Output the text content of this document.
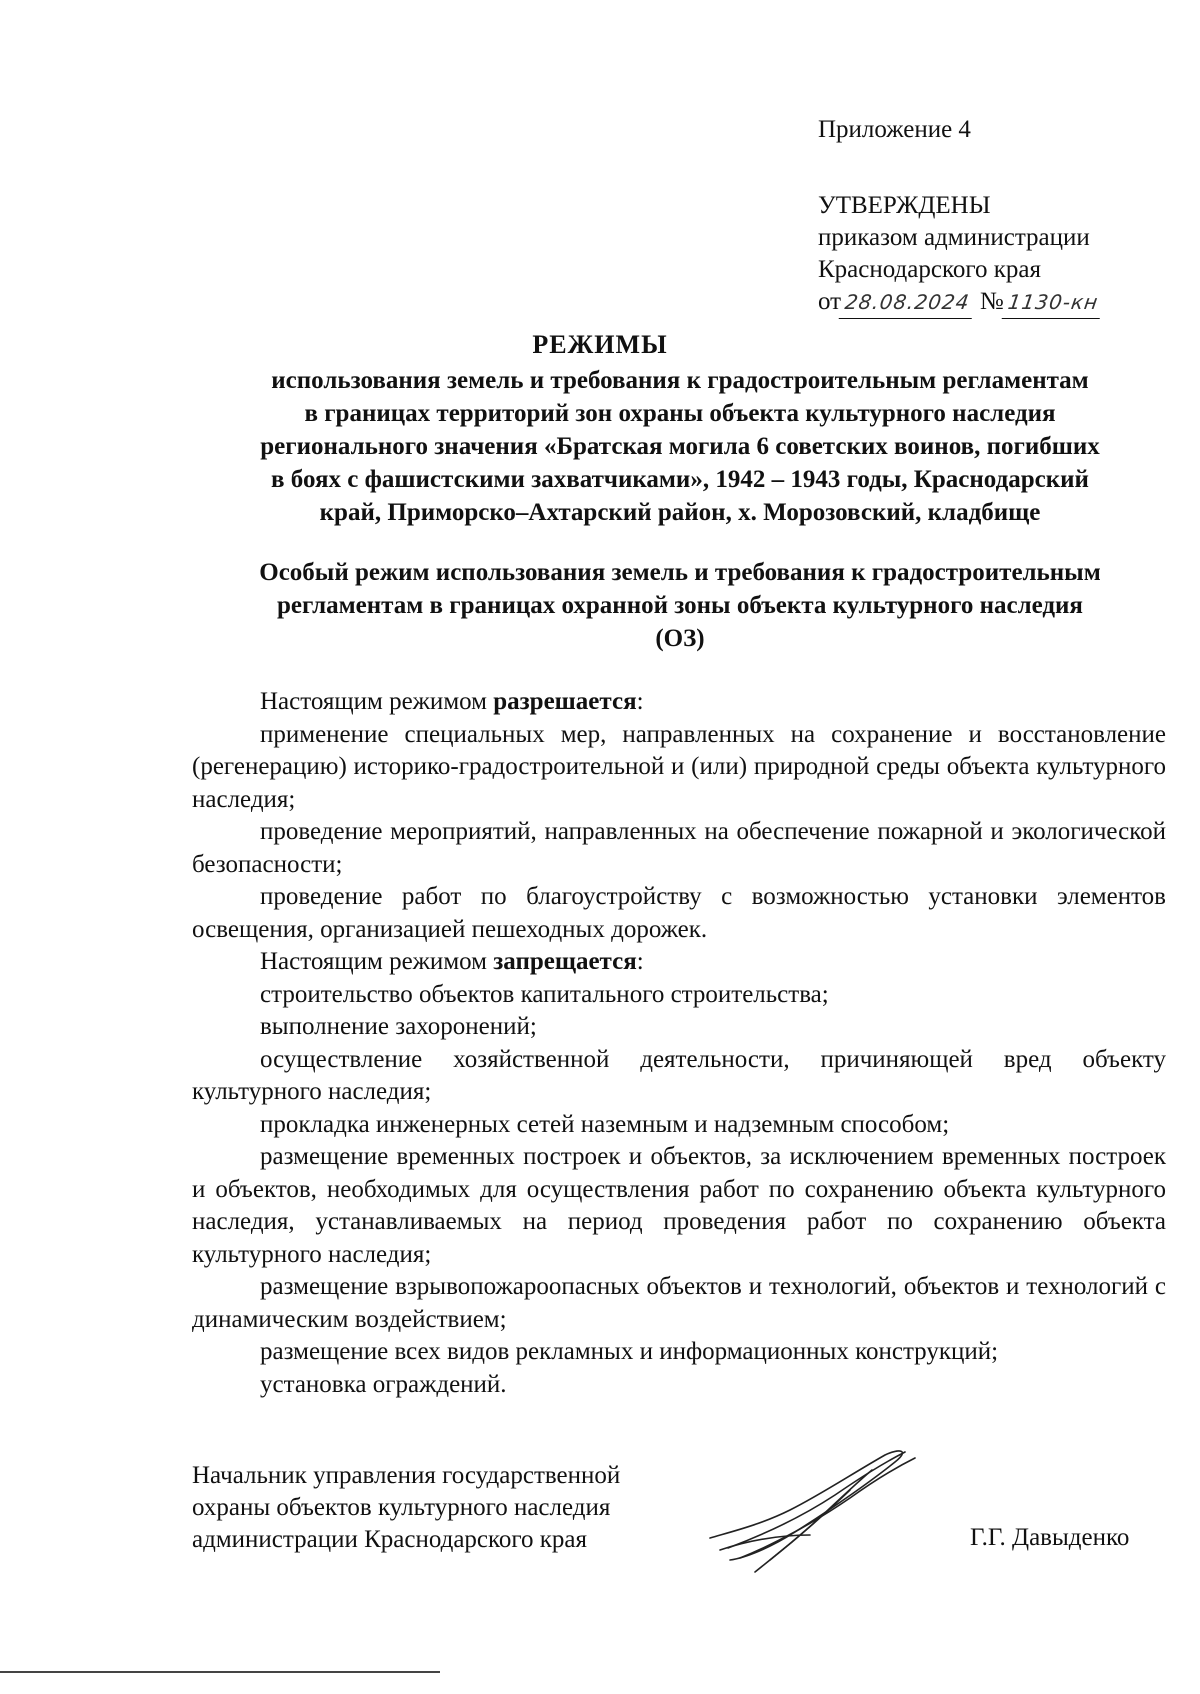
Приложение 4
УТВЕРЖДЕНЫ
приказом администрации
Краснодарского края
от 28.08.2024 № 1130-кн
РЕЖИМЫ
использования земель и требования к градостроительным регламентам
в границах территорий зон охраны объекта культурного наследия
регионального значения «Братская могила 6 советских воинов, погибших
в боях с фашистскими захватчиками», 1942 – 1943 годы, Краснодарский
край, Приморско–Ахтарский район, х. Морозовский, кладбище
Особый режим использования земель и требования к градостроительным
регламентам в границах охранной зоны объекта культурного наследия
(ОЗ)

Настоящим режимом разрешается:

применение специальных мер, направленных на сохранение и восстановление (регенерацию) историко-градостроительной и (или) природной среды объекта культурного наследия;

проведение мероприятий, направленных на обеспечение пожарной и экологической безопасности;

проведение работ по благоустройству с возможностью установки элементов освещения, организацией пешеходных дорожек.

Настоящим режимом запрещается:

строительство объектов капитального строительства;

выполнение захоронений;

осуществление хозяйственной деятельности, причиняющей вред объекту культурного наследия;

прокладка инженерных сетей наземным и надземным способом;

размещение временных построек и объектов, за исключением временных построек и объектов, необходимых для осуществления работ по сохранению объекта культурного наследия, устанавливаемых на период проведения работ по сохранению объекта культурного наследия;

размещение взрывопожароопасных объектов и технологий, объектов и технологий с динамическим воздействием;

размещение всех видов рекламных и информационных конструкций;

установка ограждений.

Начальник управления государственной
охраны объектов культурного наследия
администрации Краснодарского края	Г.Г. Давыденко
